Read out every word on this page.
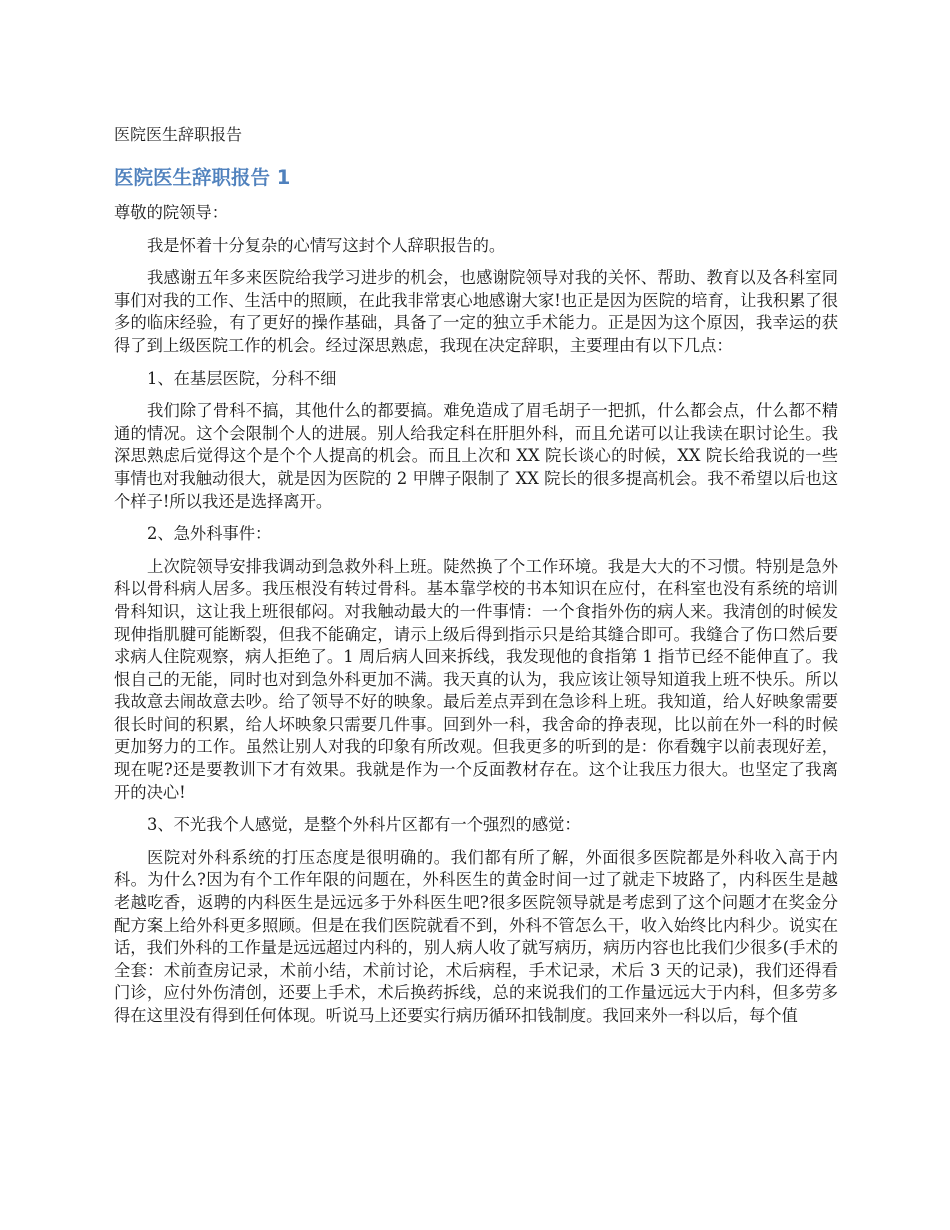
医院医生辞职报告

医院医生辞职报告 1

尊敬的院领导：

我是怀着十分复杂的心情写这封个人辞职报告的。

我感谢五年多来医院给我学习进步的机会，也感谢院领导对我的关怀、帮助、教育以及各科室同事们对我的工作、生活中的照顾，在此我非常衷心地感谢大家!也正是因为医院的培育，让我积累了很多的临床经验，有了更好的操作基础，具备了一定的独立手术能力。正是因为这个原因，我幸运的获得了到上级医院工作的机会。经过深思熟虑，我现在决定辞职，主要理由有以下几点：

1、在基层医院，分科不细

我们除了骨科不搞，其他什么的都要搞。难免造成了眉毛胡子一把抓，什么都会点，什么都不精通的情况。这个会限制个人的进展。别人给我定科在肝胆外科，而且允诺可以让我读在职讨论生。我深思熟虑后觉得这个是个个人提高的机会。而且上次和 XX 院长谈心的时候，XX 院长给我说的一些事情也对我触动很大，就是因为医院的 2 甲牌子限制了 XX 院长的很多提高机会。我不希望以后也这个样子!所以我还是选择离开。

2、急外科事件：

上次院领导安排我调动到急救外科上班。陡然换了个工作环境。我是大大的不习惯。特别是急外科以骨科病人居多。我压根没有转过骨科。基本靠学校的书本知识在应付，在科室也没有系统的培训骨科知识，这让我上班很郁闷。对我触动最大的一件事情：一个食指外伤的病人来。我清创的时候发现伸指肌腱可能断裂，但我不能确定，请示上级后得到指示只是给其缝合即可。我缝合了伤口然后要求病人住院观察，病人拒绝了。1 周后病人回来拆线，我发现他的食指第 1 指节已经不能伸直了。我恨自己的无能，同时也对到急外科更加不满。我天真的认为，我应该让领导知道我上班不快乐。所以我故意去闹故意去吵。给了领导不好的映象。最后差点弄到在急诊科上班。我知道，给人好映象需要很长时间的积累，给人坏映象只需要几件事。回到外一科，我舍命的挣表现，比以前在外一科的时候更加努力的工作。虽然让别人对我的印象有所改观。但我更多的听到的是：你看魏宇以前表现好差，现在呢?还是要教训下才有效果。我就是作为一个反面教材存在。这个让我压力很大。也坚定了我离开的决心!

3、不光我个人感觉，是整个外科片区都有一个强烈的感觉：

医院对外科系统的打压态度是很明确的。我们都有所了解，外面很多医院都是外科收入高于内科。为什么?因为有个工作年限的问题在，外科医生的黄金时间一过了就走下坡路了，内科医生是越老越吃香，返聘的内科医生是远远多于外科医生吧?很多医院领导就是考虑到了这个问题才在奖金分配方案上给外科更多照顾。但是在我们医院就看不到，外科不管怎么干，收入始终比内科少。说实在话，我们外科的工作量是远远超过内科的，别人病人收了就写病历，病历内容也比我们少很多(手术的全套：术前查房记录，术前小结，术前讨论，术后病程，手术记录，术后 3 天的记录)，我们还得看门诊，应付外伤清创，还要上手术，术后换药拆线，总的来说我们的工作量远远大于内科，但多劳多得在这里没有得到任何体现。听说马上还要实行病历循环扣钱制度。我回来外一科以后，每个值
